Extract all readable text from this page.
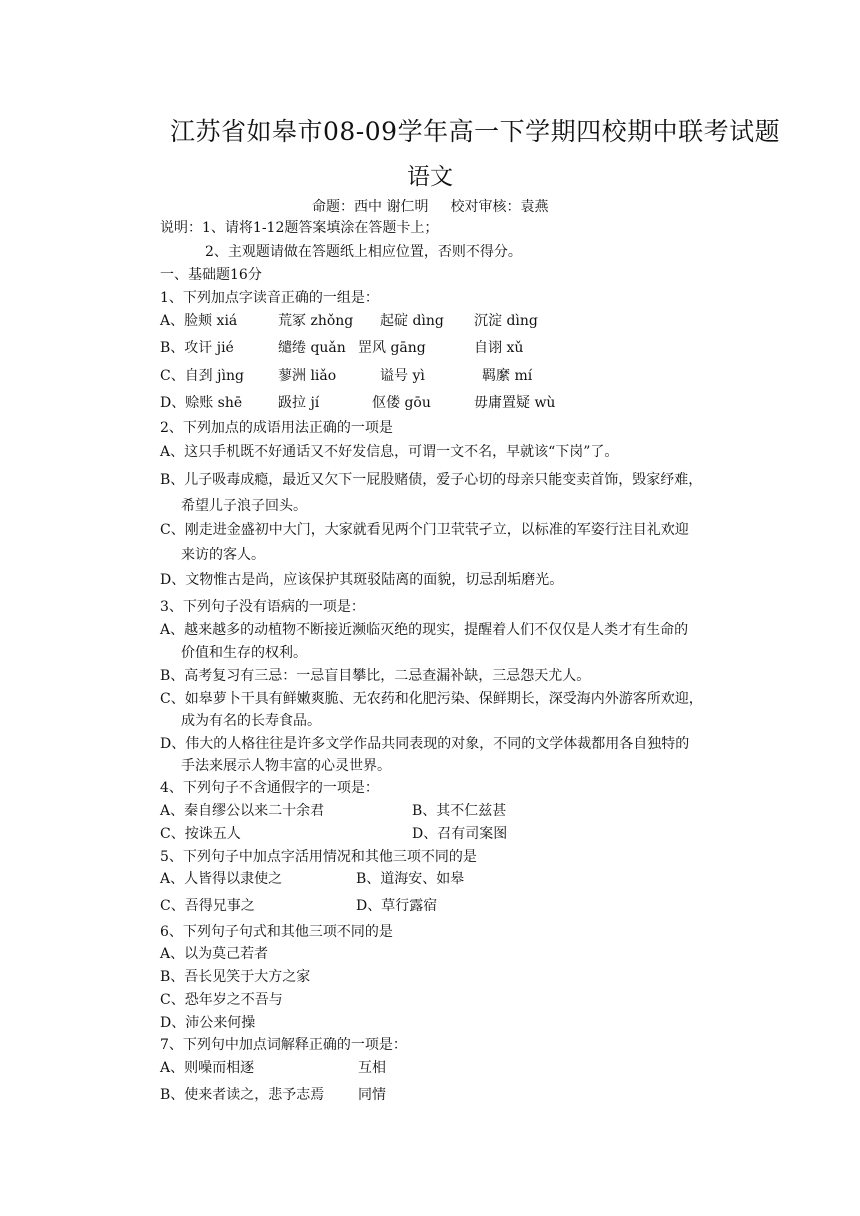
江苏省如皋市08-09学年高一下学期四校期中联考试题
语文
命题：西中 谢仁明 校对审核：袁燕
说明：1、请将1-12题答案填涂在答题卡上；
2、主观题请做在答题纸上相应位置，否则不得分。
一、基础题16分
1、下列加点字读音正确的一组是：
A、脸颊 xiá	荒冢 zhǒng 起碇 dìng 沉淀 dìng
B、攻讦 jié	缱绻 quǎn 罡风 gāng	自诩 xǔ
C、自刭 jìng 蓼洲 liǎo	谥号 yì	羁縻 mí
D、赊账 shē	趿拉 jí	伛偻 gōu	毋庸置疑 wù
2、下列加点的成语用法正确的一项是
A、这只手机既不好通话又不好发信息，可谓一文不名，早就该“下岗”了。
B、儿子吸毒成瘾，最近又欠下一屁股赌债，爱子心切的母亲只能变卖首饰，毁家纾难，
希望儿子浪子回头。
C、刚走进金盛初中大门，大家就看见两个门卫茕茕孑立，以标准的军姿行注目礼欢迎
来访的客人。
D、文物惟古是尚，应该保护其斑驳陆离的面貌，切忌刮垢磨光。
3、下列句子没有语病的一项是：
A、越来越多的动植物不断接近濒临灭绝的现实，提醒着人们不仅仅是人类才有生命的
价值和生存的权利。
B、高考复习有三忌：一忌盲目攀比，二忌查漏补缺，三忌怨天尤人。
C、如皋萝卜干具有鲜嫩爽脆、无农药和化肥污染、保鲜期长，深受海内外游客所欢迎，
成为有名的长寿食品。
D、伟大的人格往往是许多文学作品共同表现的对象，不同的文学体裁都用各自独特的
手法来展示人物丰富的心灵世界。
4、下列句子不含通假字的一项是：
A、秦自缪公以来二十余君	B、其不仁兹甚
C、按诛五人	D、召有司案图
5、下列句子中加点字活用情况和其他三项不同的是
A、人皆得以隶使之	B、道海安、如皋
C、吾得兄事之	D、草行露宿
6、下列句子句式和其他三项不同的是
A、以为莫己若者
B、吾长见笑于大方之家
C、恐年岁之不吾与
D、沛公来何操
7、下列句中加点词解释正确的一项是：
A、则噪而相逐	互相
B、使来者读之，悲予志焉 同情
